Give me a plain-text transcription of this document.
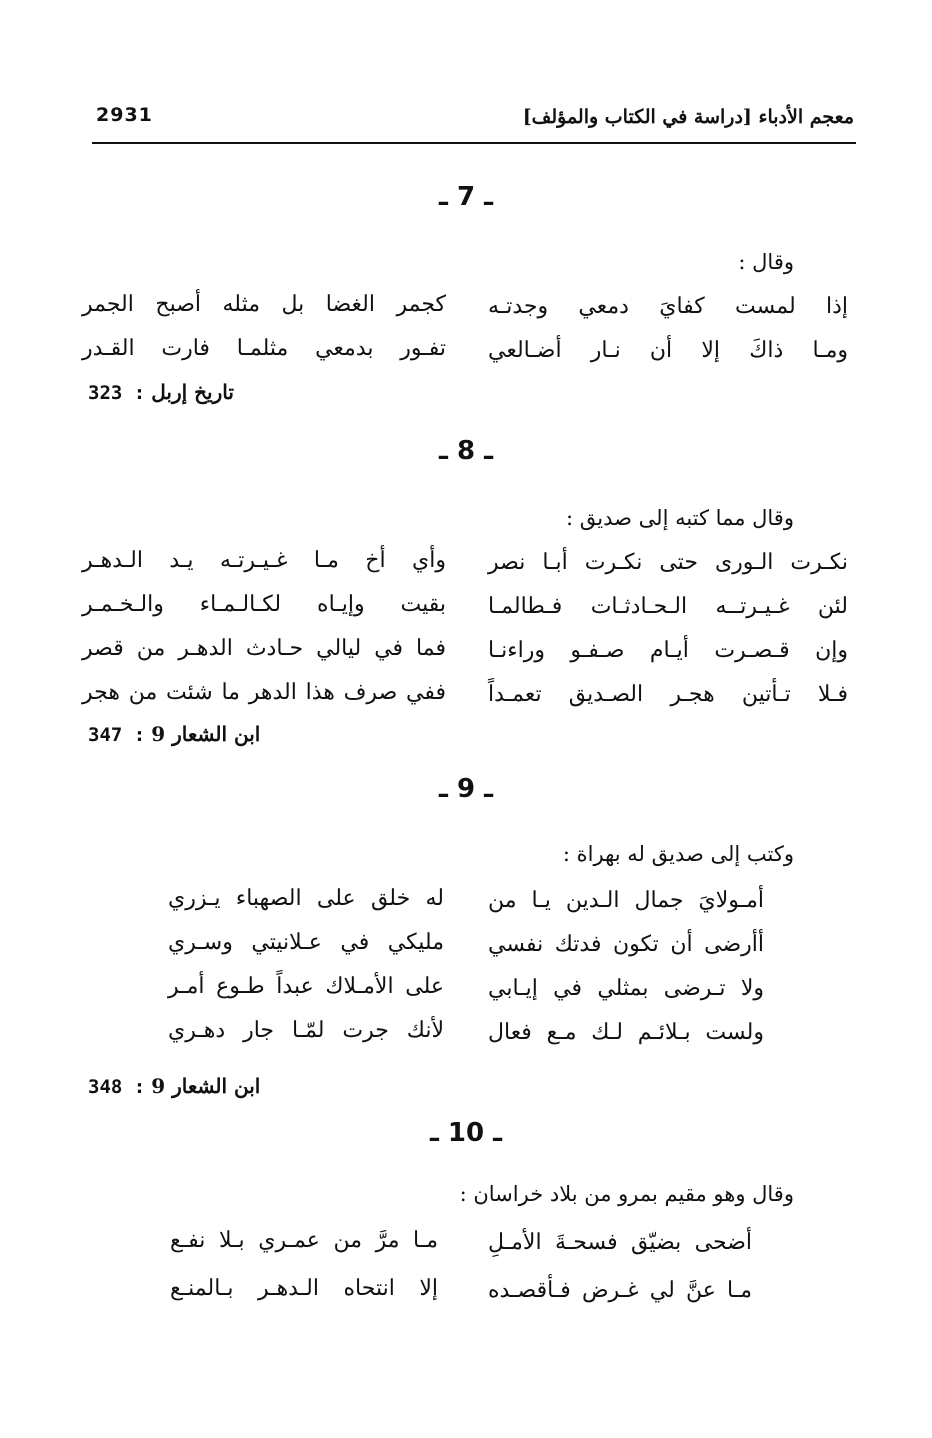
2931	معجم الأدباء [دراسة في الكتاب والمؤلف]
ـ 7 ـ
وقال :
إذا لمست كفايَ دمعي وجدتـه
كجمر الغضا بل مثله أصبح الجمر
ومـا ذاكَ إلا أن نـار أضـالعي
تفـور بدمعي مثلمـا فارت القـدر
323 : تاريخ إربل
ـ 8 ـ
وقال مما كتبه إلى صديق :
نكـرت الـورى حتى نكـرت أبـا نصر
وأي أخ مـا غـيـرتـه يـد الـدهـر
لئن غـيـرتــه الـحـادثـات فـطالمـا
بقيت وإيـاه لكـالـمـاء والـخـمـر
وإن قـصـرت أيـام صـفـو وراءنـا
فما في ليالي حـادث الدهـر من قصر
فـلا تـأتين هجـر الصـديق تعمـداً
ففي صرف هذا الدهر ما شئت من هجر
347 : ابن الشعار 9
ـ 9 ـ
وكتب إلى صديق له بهراة :
أمـولايَ جمال الـدين يـا من
له خلق على الصهباء يـزري
أأرضى أن تكون فدتك نفسي
مليكي في عـلانيتي وسـري
ولا تـرضى بمثلي في إيـابي
على الأمـلاك عبداً طـوع أمـر
ولست بـلائـم لـك مـع فعال
لأنك جرت لمّـا جار دهـري
348 : ابن الشعار 9
ـ 10 ـ
وقال وهو مقيم بمرو من بلاد خراسان :
أضحى بضيّق فسحـةَ الأمـلِ
مـا مرَّ من عمـري بـلا نفـع
مـا عنَّ لي غـرض فـأقصـده
إلا انتحاه الـدهـر بـالمنـع
